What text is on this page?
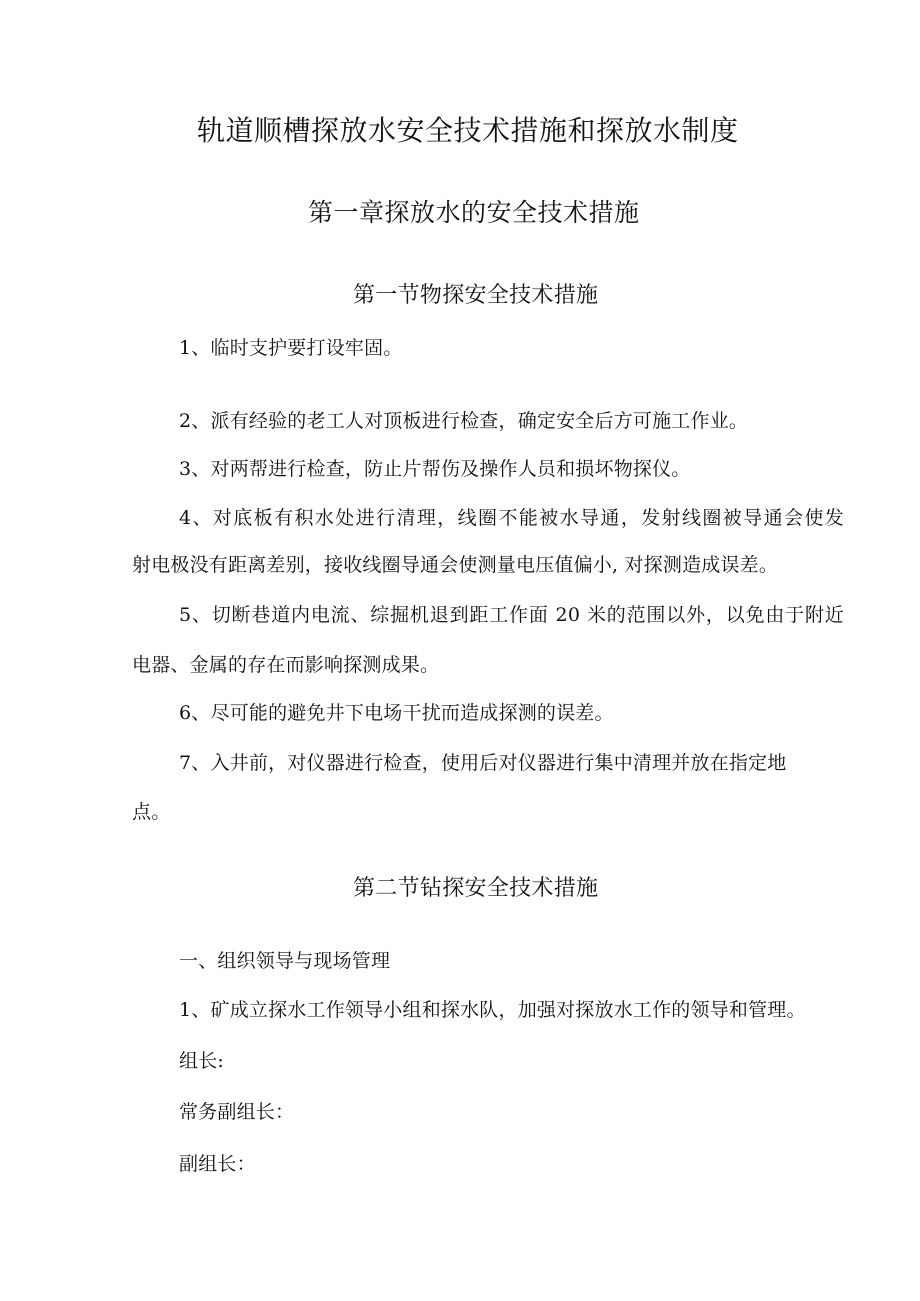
轨道顺槽探放水安全技术措施和探放水制度
第一章探放水的安全技术措施
第一节物探安全技术措施

1、临时支护要打设牢固。

2、派有经验的老工人对顶板进行检查，确定安全后方可施工作业。

3、对两帮进行检查，防止片帮伤及操作人员和损坏物探仪。

4、对底板有积水处进行清理，线圈不能被水导通，发射线圈被导通会使发

射电极没有距离差别，接收线圈导通会使测量电压值偏小, 对探测造成误差。

5、切断巷道内电流、综掘机退到距工作面 20 米的范围以外，以免由于附近

电器、金属的存在而影响探测成果。

6、尽可能的避免井下电场干扰而造成探测的误差。

7、入井前，对仪器进行检查，使用后对仪器进行集中清理并放在指定地

点。

第二节钻探安全技术措施

一、组织领导与现场管理

1、矿成立探水工作领导小组和探水队，加强对探放水工作的领导和管理。

组长:

常务副组长：

副组长：
